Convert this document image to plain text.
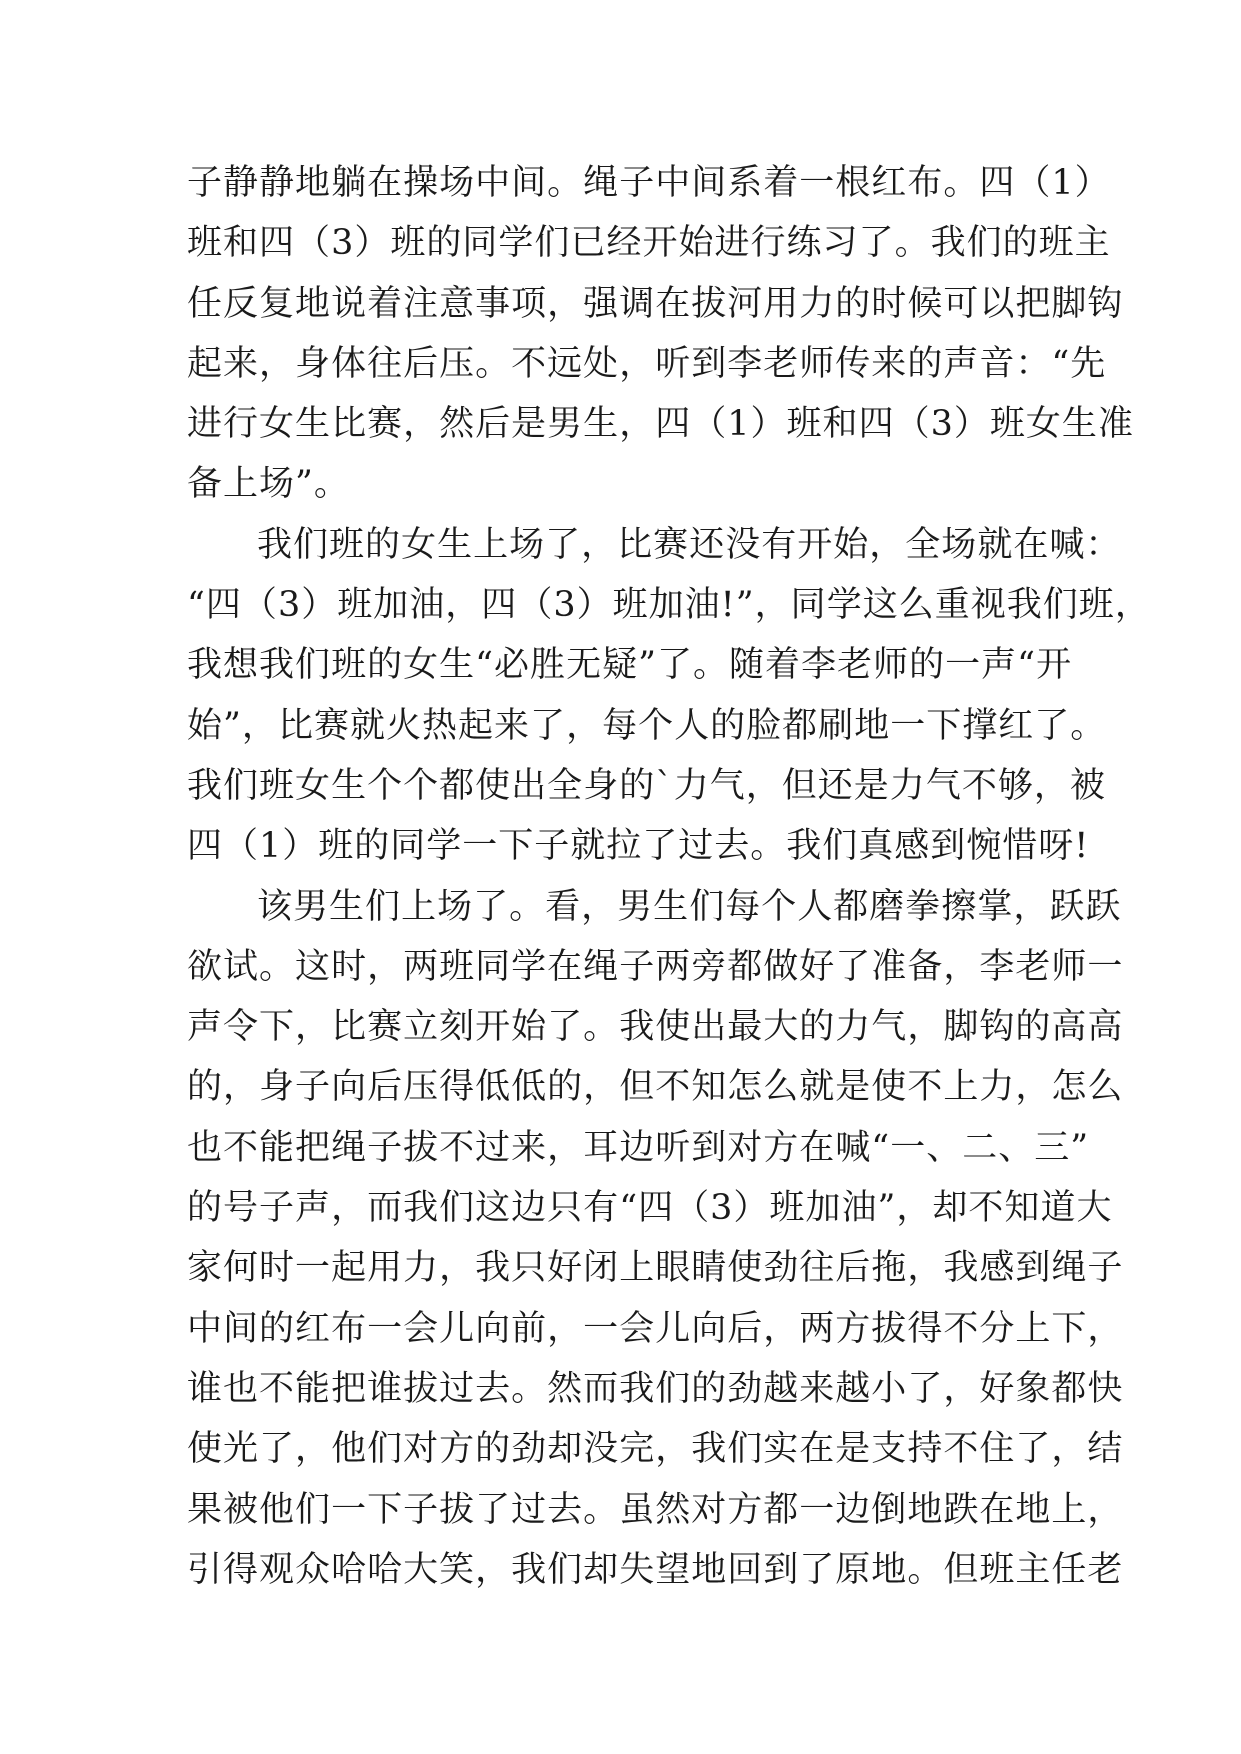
子 静 静 地 躺 在 操 场 中 间 。 绳 子 中 间 系 着 一 根 红 布 。 四 （ 1 ）
班 和 四 （ 3 ） 班 的 同 学 们 已 经 开 始 进 行 练 习 了 。 我 们 的 班 主
任 反 复 地 说 着 注 意 事 项 ， 强 调 在 拔 河 用 力 的 时 候 可 以 把 脚 钩
起 来 ， 身 体 往 后 压 。 不 远 处 ， 听 到 李 老 师 传 来 的 声 音 ： “ 先
进 行 女 生 比 赛 ， 然 后 是 男 生 ， 四 （ 1 ） 班 和 四 （ 3 ） 班 女 生 准
备上场”。
我 们 班 的 女 生 上 场 了 ， 比 赛 还 没 有 开 始 ， 全 场 就 在 喊 ：
“ 四 （ 3 ） 班 加 油 ， 四 （ 3 ） 班 加 油 ! ” ， 同 学 这 么 重 视 我 们 班 ，
我 想 我 们 班 的 女 生 “ 必 胜 无 疑 ” 了 。 随 着 李 老 师 的 一 声 “ 开
始 ” ， 比 赛 就 火 热 起 来 了 ， 每 个 人 的 脸 都 刷 地 一 下 撑 红 了 。
我 们 班 女 生 个 个 都 使 出 全 身 的 ` 力 气 ， 但 还 是 力 气 不 够 ， 被
四（1）班的同学一下子就拉了过去。我们真感到惋惜呀!
该 男 生 们 上 场 了 。 看 ， 男 生 们 每 个 人 都 磨 拳 擦 掌 ， 跃 跃
欲 试 。 这 时 ， 两 班 同 学 在 绳 子 两 旁 都 做 好 了 准 备 ， 李 老 师 一
声 令 下 ， 比 赛 立 刻 开 始 了 。 我 使 出 最 大 的 力 气 ， 脚 钩 的 高 高
的 ， 身 子 向 后 压 得 低 低 的 ， 但 不 知 怎 么 就 是 使 不 上 力 ， 怎 么
也 不 能 把 绳 子 拔 不 过 来 ， 耳 边 听 到 对 方 在 喊 “ 一 、 二 、 三 ”
的 号 子 声 ， 而 我 们 这 边 只 有 “ 四 （ 3 ） 班 加 油 ” ， 却 不 知 道 大
家 何 时 一 起 用 力 ， 我 只 好 闭 上 眼 睛 使 劲 往 后 拖 ， 我 感 到 绳 子
中 间 的 红 布 一 会 儿 向 前 ， 一 会 儿 向 后 ， 两 方 拔 得 不 分 上 下 ，
谁 也 不 能 把 谁 拔 过 去 。 然 而 我 们 的 劲 越 来 越 小 了 ， 好 象 都 快
使 光 了 ， 他 们 对 方 的 劲 却 没 完 ， 我 们 实 在 是 支 持 不 住 了 ， 结
果 被 他 们 一 下 子 拔 了 过 去 。 虽 然 对 方 都 一 边 倒 地 跌 在 地 上 ，
引 得 观 众 哈 哈 大 笑 ， 我 们 却 失 望 地 回 到 了 原 地 。 但 班 主 任 老
